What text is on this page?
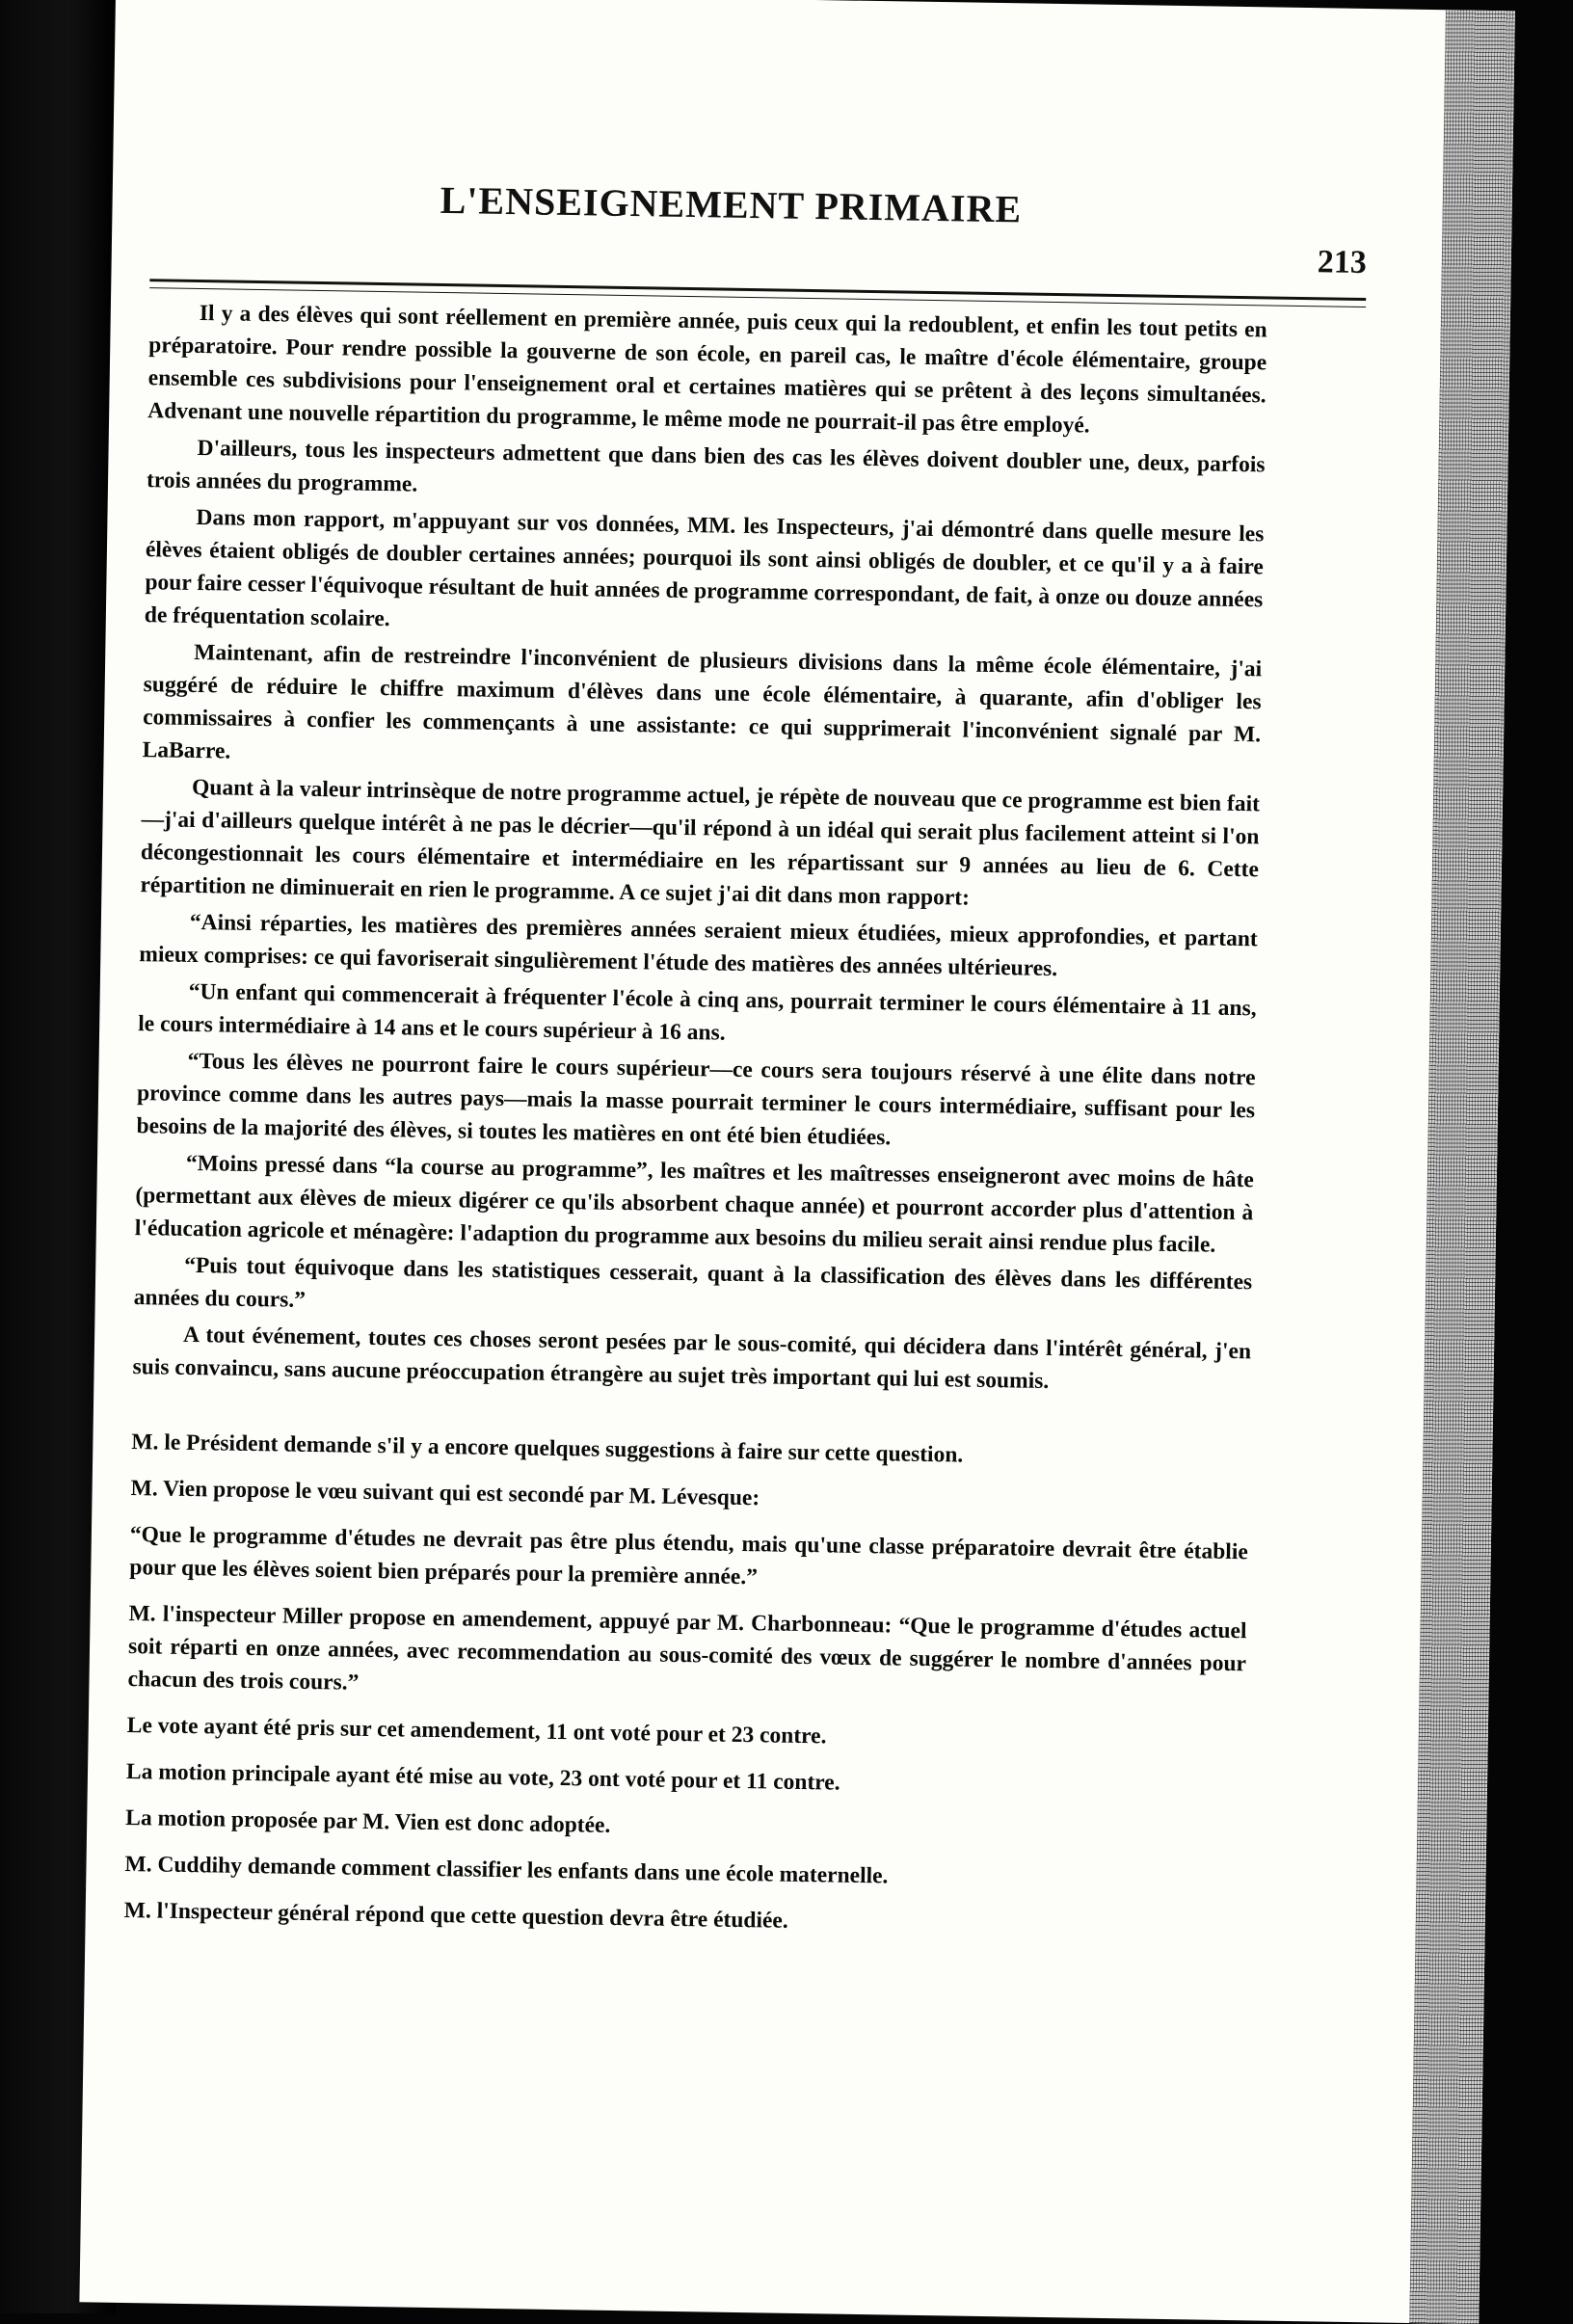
L'ENSEIGNEMENT PRIMAIRE
213

Il y a des élèves qui sont réellement en première année, puis ceux qui la redoublent, et enfin les tout petits en préparatoire. Pour rendre possible la gouverne de son école, en pareil cas, le maître d'école élémentaire, groupe ensemble ces subdivisions pour l'enseignement oral et certaines matières qui se prêtent à des leçons simultanées. Advenant une nouvelle répartition du programme, le même mode ne pourrait-il pas être employé.

D'ailleurs, tous les inspecteurs admettent que dans bien des cas les élèves doivent doubler une, deux, parfois trois années du programme.

Dans mon rapport, m'appuyant sur vos données, MM. les Inspecteurs, j'ai démontré dans quelle mesure les élèves étaient obligés de doubler certaines années; pourquoi ils sont ainsi obligés de doubler, et ce qu'il y a à faire pour faire cesser l'équivoque résultant de huit années de programme correspondant, de fait, à onze ou douze années de fréquentation scolaire.

Maintenant, afin de restreindre l'inconvénient de plusieurs divisions dans la même école élémentaire, j'ai suggéré de réduire le chiffre maximum d'élèves dans une école élémentaire, à quarante, afin d'obliger les commissaires à confier les commençants à une assistante: ce qui supprimerait l'inconvénient signalé par M. LaBarre.

Quant à la valeur intrinsèque de notre programme actuel, je répète de nouveau que ce programme est bien fait—j'ai d'ailleurs quelque intérêt à ne pas le décrier—qu'il répond à un idéal qui serait plus facilement atteint si l'on décongestionnait les cours élémentaire et intermédiaire en les répartissant sur 9 années au lieu de 6. Cette répartition ne diminuerait en rien le programme. A ce sujet j'ai dit dans mon rapport:

“Ainsi réparties, les matières des premières années seraient mieux étudiées, mieux approfondies, et partant mieux comprises: ce qui favoriserait singulièrement l'étude des matières des années ultérieures.

“Un enfant qui commencerait à fréquenter l'école à cinq ans, pourrait terminer le cours élémentaire à 11 ans, le cours intermédiaire à 14 ans et le cours supérieur à 16 ans.

“Tous les élèves ne pourront faire le cours supérieur—ce cours sera toujours réservé à une élite dans notre province comme dans les autres pays—mais la masse pourrait terminer le cours intermédiaire, suffisant pour les besoins de la majorité des élèves, si toutes les matières en ont été bien étudiées.

“Moins pressé dans “la course au programme”, les maîtres et les maîtresses enseigneront avec moins de hâte (permettant aux élèves de mieux digérer ce qu'ils absorbent chaque année) et pourront accorder plus d'attention à l'éducation agricole et ménagère: l'adaption du programme aux besoins du milieu serait ainsi rendue plus facile.

“Puis tout équivoque dans les statistiques cesserait, quant à la classification des élèves dans les différentes années du cours.”

A tout événement, toutes ces choses seront pesées par le sous-comité, qui décidera dans l'intérêt général, j'en suis convaincu, sans aucune préoccupation étrangère au sujet très important qui lui est soumis.

M. le Président demande s'il y a encore quelques suggestions à faire sur cette question.

M. Vien propose le vœu suivant qui est secondé par M. Lévesque:

“Que le programme d'études ne devrait pas être plus étendu, mais qu'une classe préparatoire devrait être établie pour que les élèves soient bien préparés pour la première année.”

M. l'inspecteur Miller propose en amendement, appuyé par M. Charbonneau: “Que le programme d'études actuel soit réparti en onze années, avec recommendation au sous-comité des vœux de suggérer le nombre d'années pour chacun des trois cours.”

Le vote ayant été pris sur cet amendement, 11 ont voté pour et 23 contre.

La motion principale ayant été mise au vote, 23 ont voté pour et 11 contre.

La motion proposée par M. Vien est donc adoptée.

M. Cuddihy demande comment classifier les enfants dans une école maternelle.

M. l'Inspecteur général répond que cette question devra être étudiée.
